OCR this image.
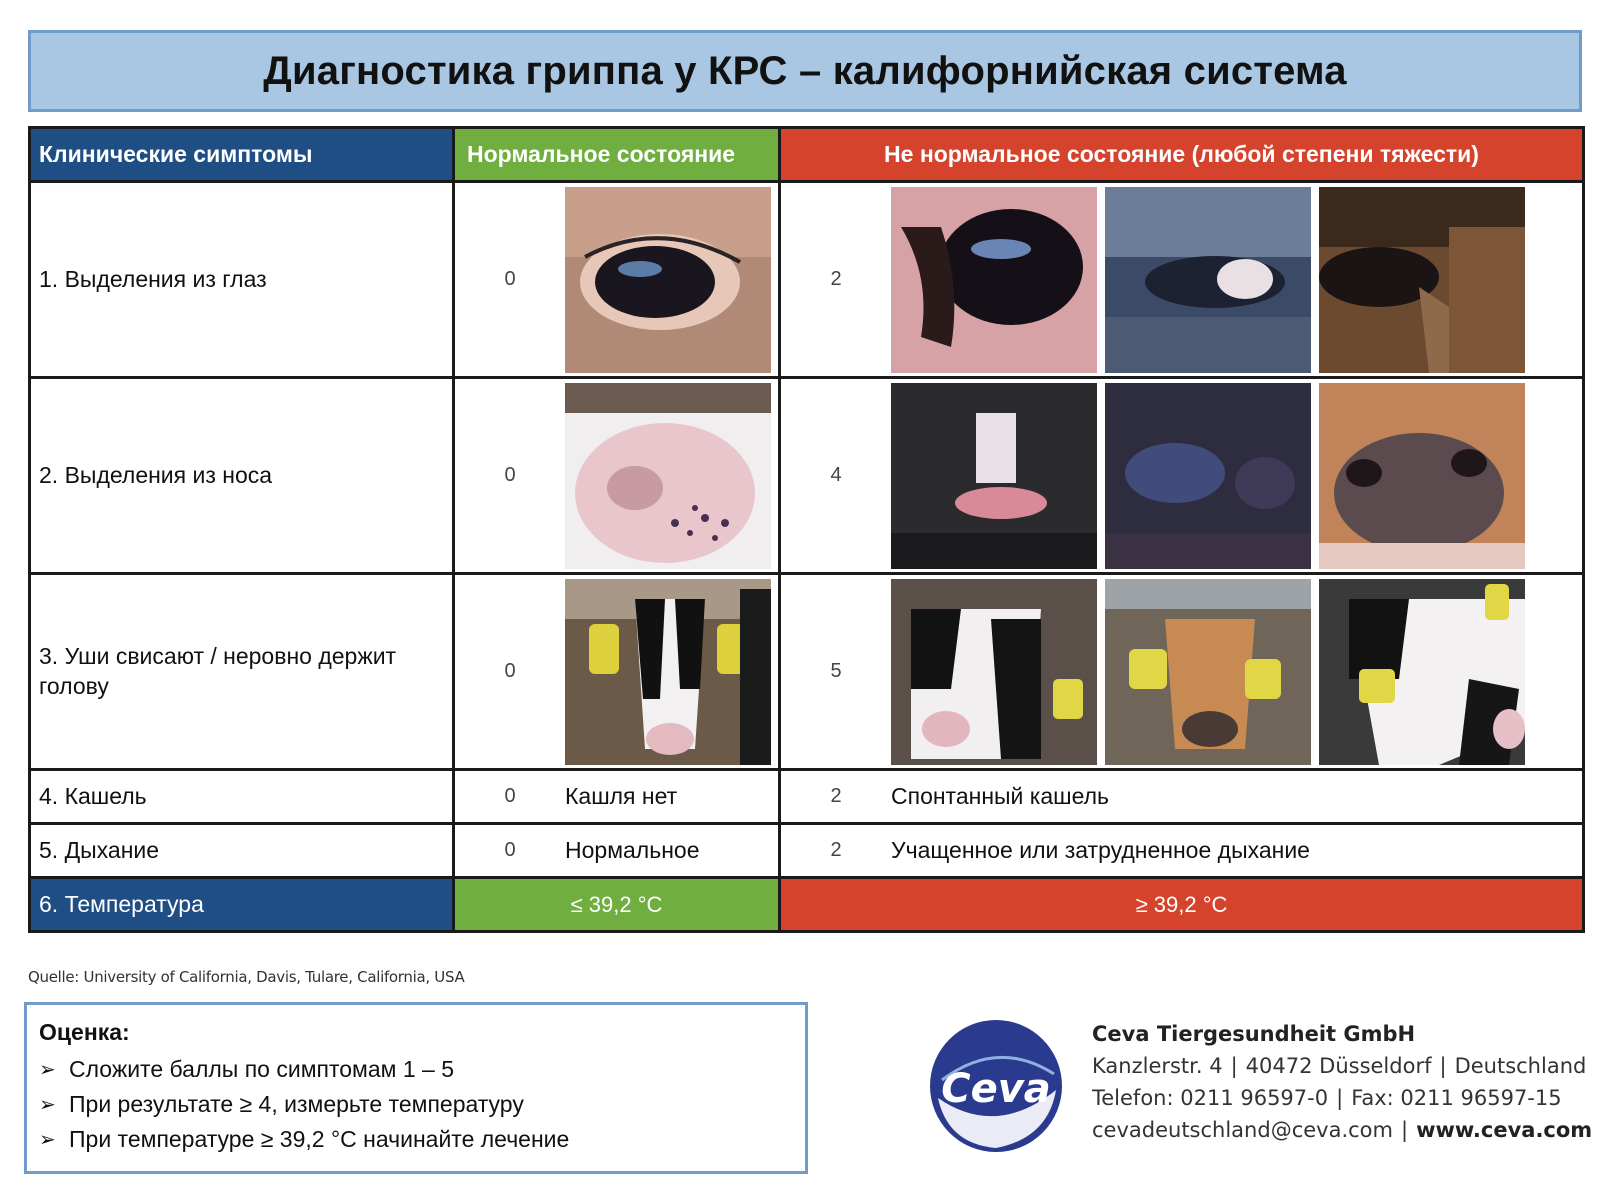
Диагностика гриппа у КРС – калифорнийская система
Клинические симптомы	Нормальное состояние	Не нормальное состояние (любой степени тяжести)
1. Выделения из глаз	0	2

2. Выделения из носа	0	4

3. Уши свисают / неровно держит голову	0	5

4. Кашель	0 Кашля нет	2 Спонтанный кашель

5. Дыхание	0 Нормальное	2 Учащенное или затрудненное дыхание

6. Температура	≤ 39,2 °C	≥ 39,2 °C
Quelle: University of California, Davis, Tulare, California, USA
Оценка:
➢ Сложите баллы по симптомам 1 – 5
➢ При результате ≥ 4, измерьте температуру
➢ При температуре ≥ 39,2 °C начинайте лечение
Ceva
Ceva Tiergesundheit GmbH
Kanzlerstr. 4 | 40472 Düsseldorf | Deutschland
Telefon: 0211 96597-0 | Fax: 0211 96597-15
cevadeutschland@ceva.com | www.ceva.com
